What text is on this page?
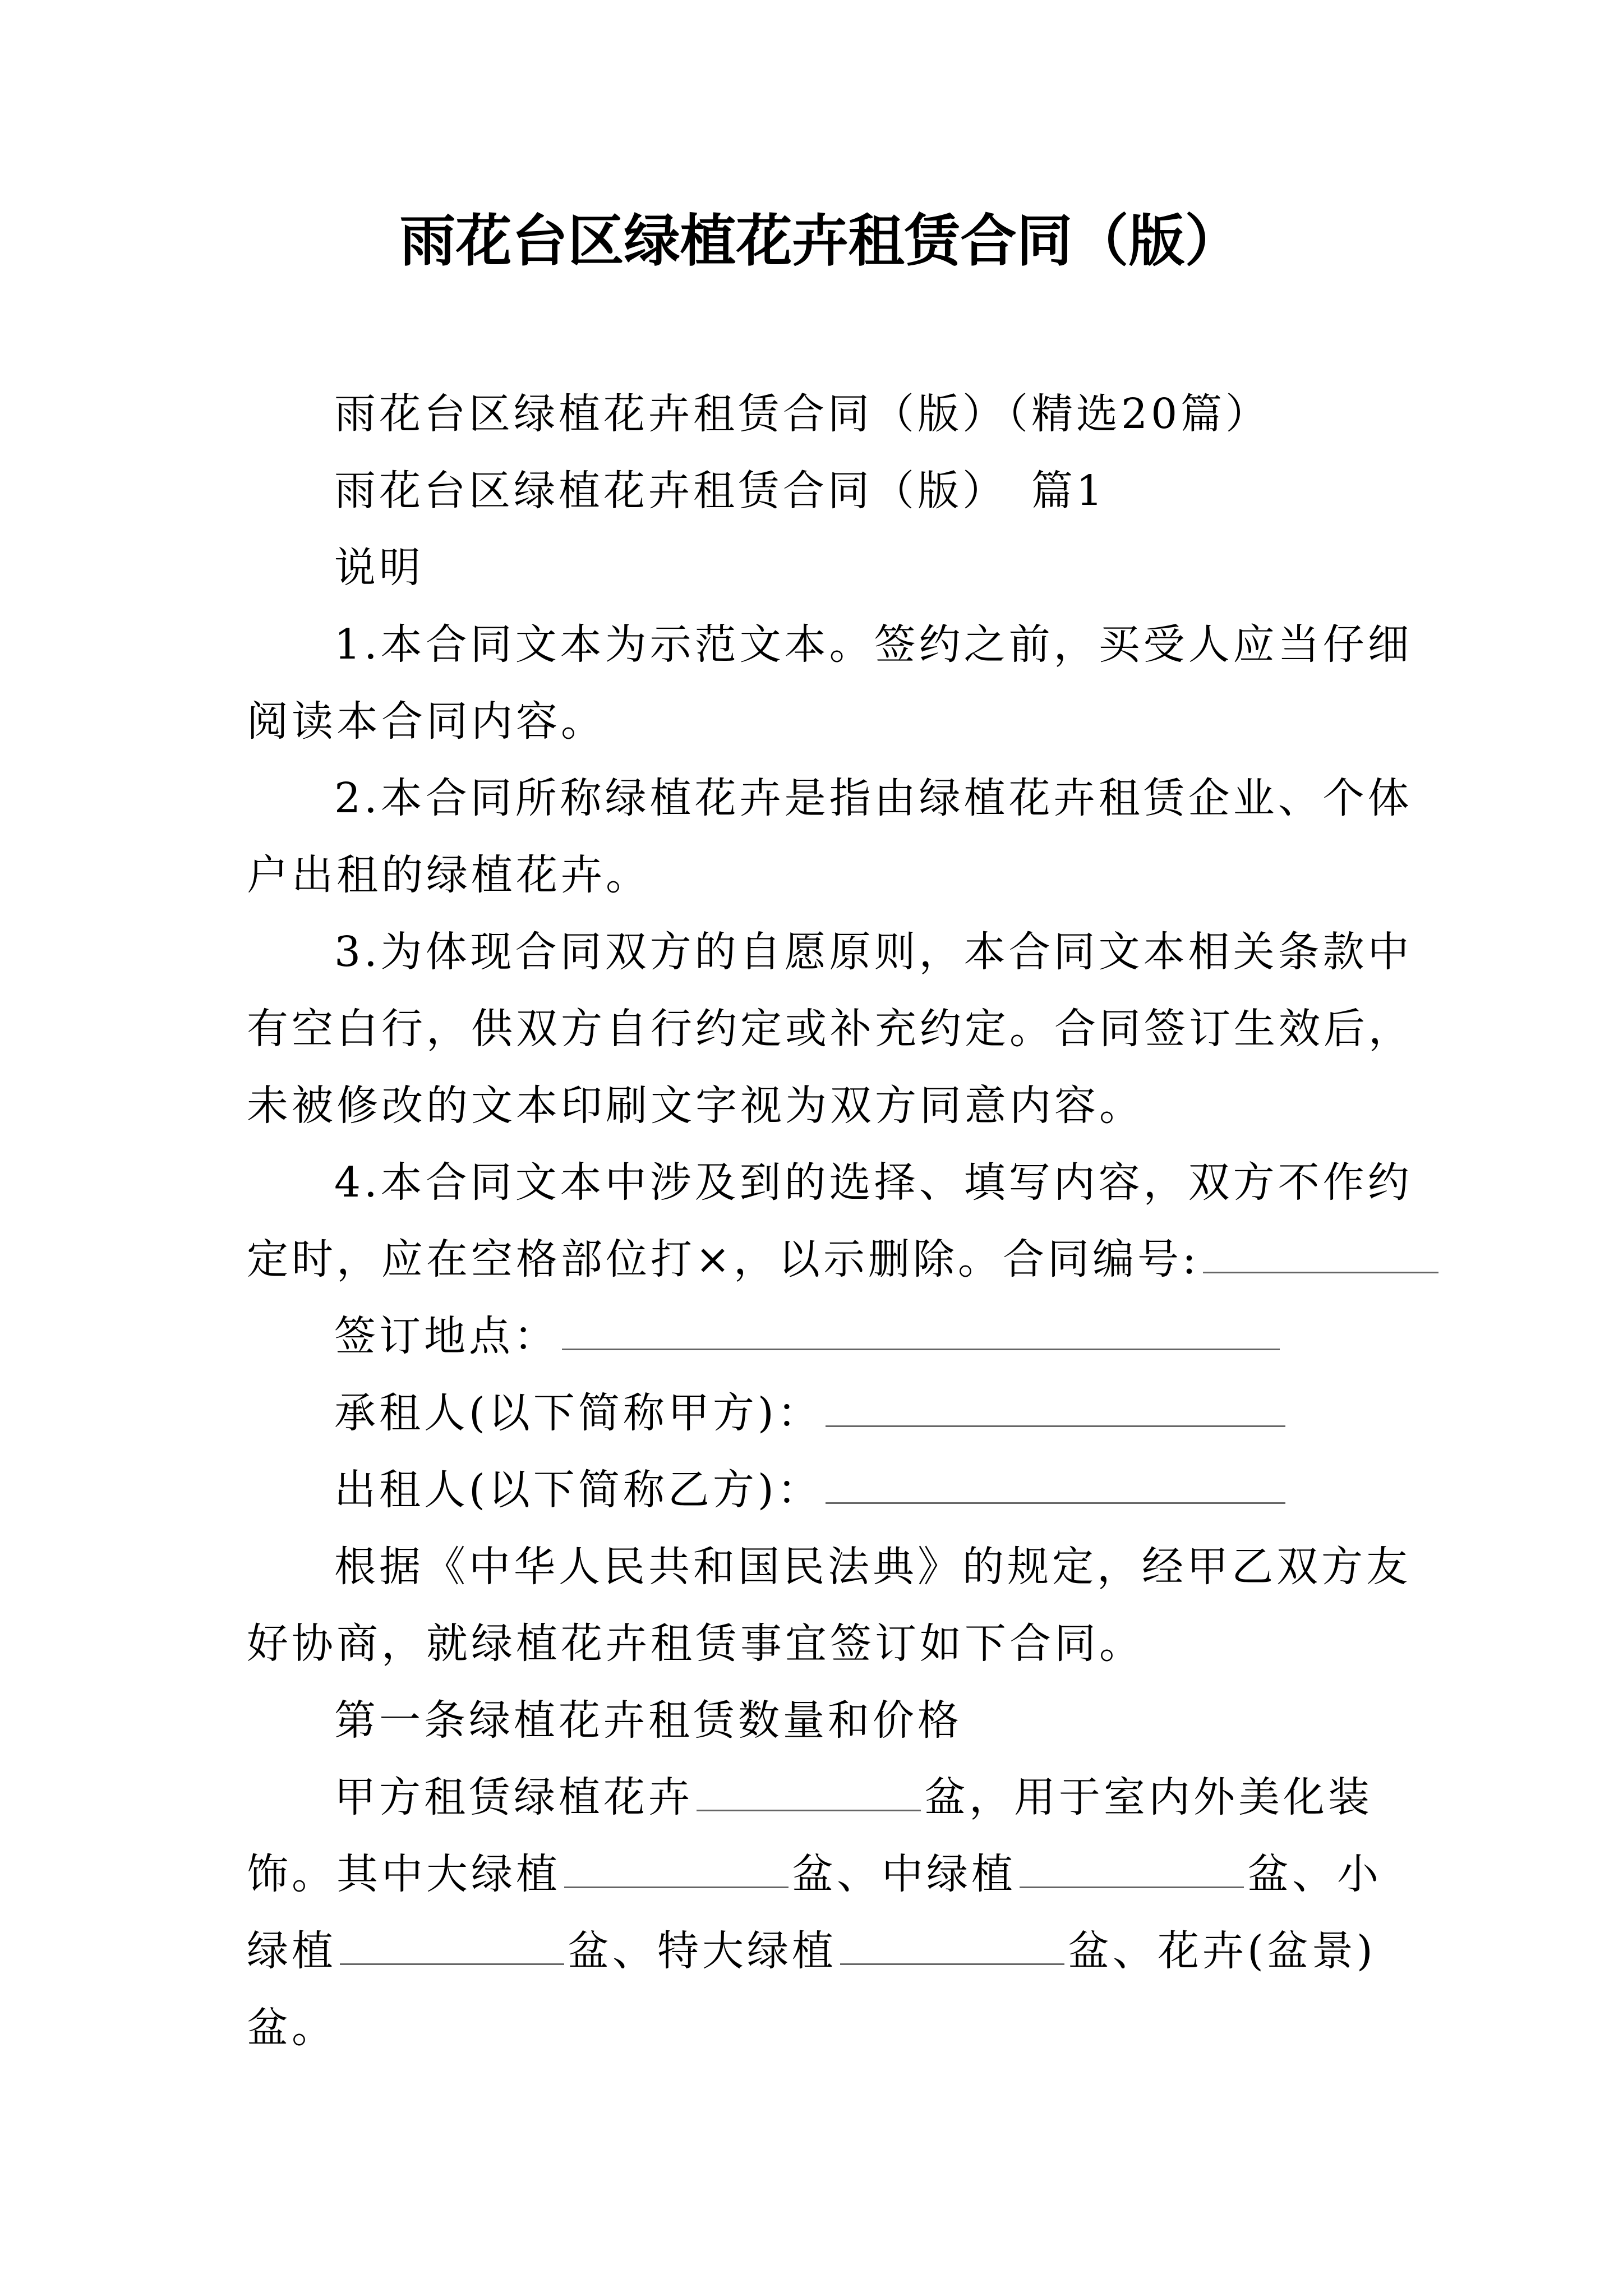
雨花台区绿植花卉租赁合同（版）
雨花台区绿植花卉租赁合同（版）（精选20篇）
雨花台区绿植花卉租赁合同（版）　篇1
说明
1.本合同文本为示范文本。签约之前，买受人应当仔细
阅读本合同内容。
2.本合同所称绿植花卉是指由绿植花卉租赁企业、个体
户出租的绿植花卉。
3.为体现合同双方的自愿原则，本合同文本相关条款中
有空白行，供双方自行约定或补充约定。合同签订生效后，
未被修改的文本印刷文字视为双方同意内容。
4.本合同文本中涉及到的选择、填写内容，双方不作约
定时，应在空格部位打×，以示删除。合同编号:
签订地点：
承租人(以下简称甲方)：
出租人(以下简称乙方)：
根据《中华人民共和国民法典》的规定，经甲乙双方友
好协商，就绿植花卉租赁事宜签订如下合同。
第一条绿植花卉租赁数量和价格
甲方租赁绿植花卉	盆，用于室内外美化装
饰。其中大绿植	盆、中绿植	盆、小
绿植	盆、特大绿植	盆、花卉(盆景)
盆。
